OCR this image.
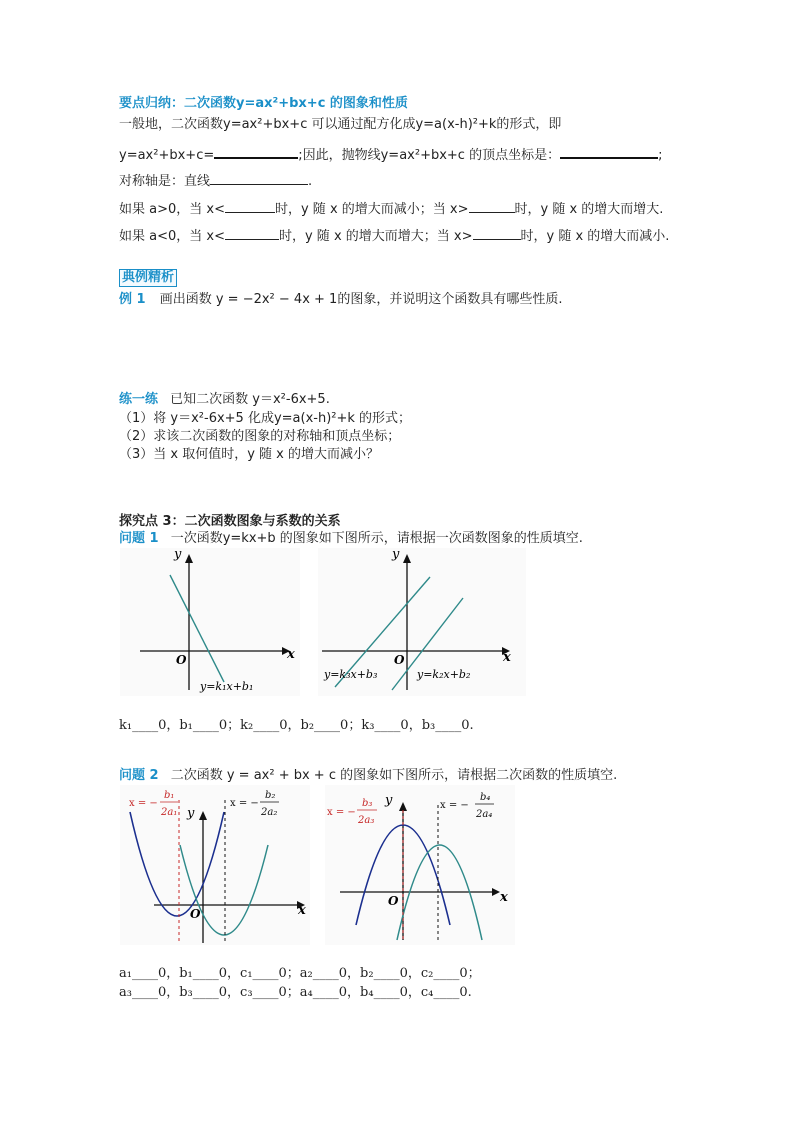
要点归纳：二次函数y=ax²+bx+c 的图象和性质
一般地，二次函数y=ax²+bx+c 可以通过配方化成y=a(x-h)²+k的形式，即
y=ax²+bx+c=	;因此，抛物线y=ax²+bx+c 的顶点坐标是：	;
对称轴是：直线	.
如果 a>0，当 x<	时，y 随 x 的增大而减小；当 x>	时，y 随 x 的增大而增大.
如果 a<0，当 x<	时，y 随 x 的增大而增大；当 x>	时，y 随 x 的增大而减小.
典例精析
例 1 画出函数 y = −2x² − 4x + 1的图象，并说明这个函数具有哪些性质.
练一练 已知二次函数 y＝x²-6x+5.
（1）将 y＝x²-6x+5 化成y=a(x-h)²+k 的形式；
（2）求该二次函数的图象的对称轴和顶点坐标；
（3）当 x 取何值时，y 随 x 的增大而减小？
探究点 3：二次函数图象与系数的关系
问题 1 一次函数y=kx+b 的图象如下图所示，请根据一次函数图象的性质填空.
y
x
O
y=k₁x+b₁
y
x
O
y=k₃x+b₃	y=k₂x+b₂
k₁____0，b₁____0；k₂____0，b₂____0；k₃____0，b₃____0.
问题 2 二次函数 y = ax² + bx + c 的图象如下图所示，请根据二次函数的性质填空.
x = −
b₁
2a₁
x = −
b₂
2a₂
y
x
O
x = −
b₃
2a₃
x = −
b₄
2a₄
y
x
O
a₁____0，b₁____0，c₁____0；a₂____0，b₂____0，c₂____0；
a₃____0，b₃____0，c₃____0；a₄____0，b₄____0，c₄____0.
